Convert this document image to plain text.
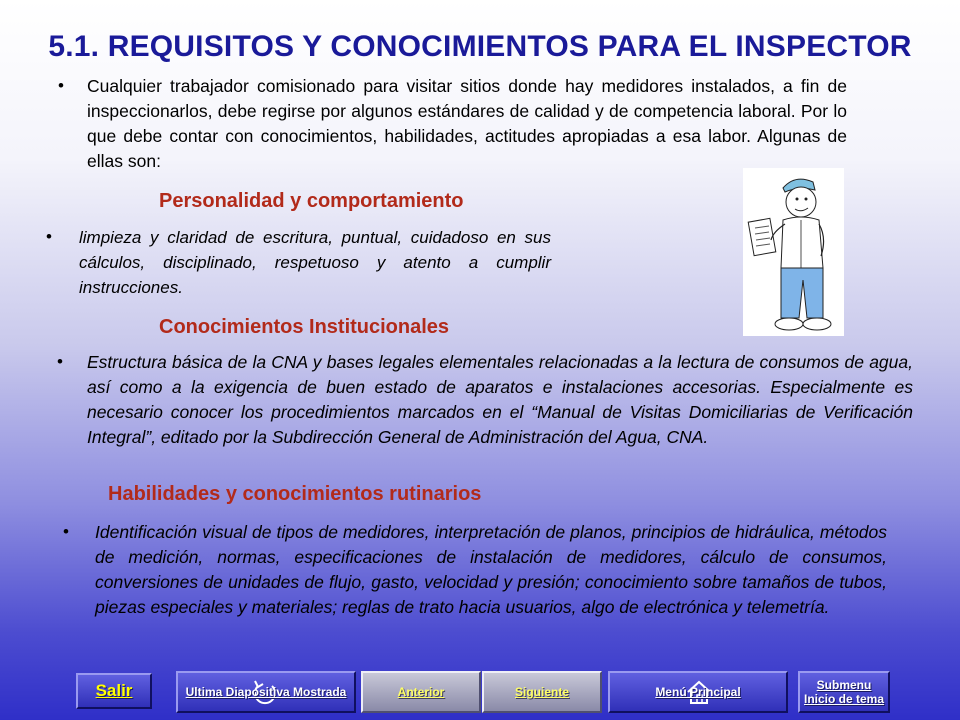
5.1. REQUISITOS Y CONOCIMIENTOS PARA EL INSPECTOR
• Cualquier trabajador comisionado para visitar sitios donde hay medidores instalados, a fin de inspeccionarlos, debe regirse por algunos estándares de calidad y de competencia laboral. Por lo que debe contar con conocimientos, habilidades, actitudes apropiadas a esa labor. Algunas de ellas son:
Personalidad y comportamiento
• limpieza y claridad de escritura, puntual, cuidadoso en sus cálculos, disciplinado, respetuoso y atento a cumplir instrucciones.
Conocimientos Institucionales
• Estructura básica de la CNA y bases legales elementales relacionadas a la lectura de consumos de agua, así como a la exigencia de buen estado de aparatos e instalaciones accesorias. Especialmente es necesario conocer los procedimientos marcados en el “Manual de Visitas Domiciliarias de Verificación Integral”, editado por la Subdirección General de Administración del Agua, CNA.
Habilidades y conocimientos rutinarios
• Identificación visual de tipos de medidores, interpretación de planos, principios de hidráulica, métodos de medición, normas, especificaciones de instalación de medidores, cálculo de consumos, conversiones de unidades de flujo, gasto, velocidad y presión; conocimiento sobre tamaños de tubos, piezas especiales y materiales; reglas de trato hacia usuarios, algo de electrónica y telemetría.
Salir	Ultima Diapositiva Mostrada	Anterior	Siguiente	Menú Principal	Submenu
Inicio de tema
